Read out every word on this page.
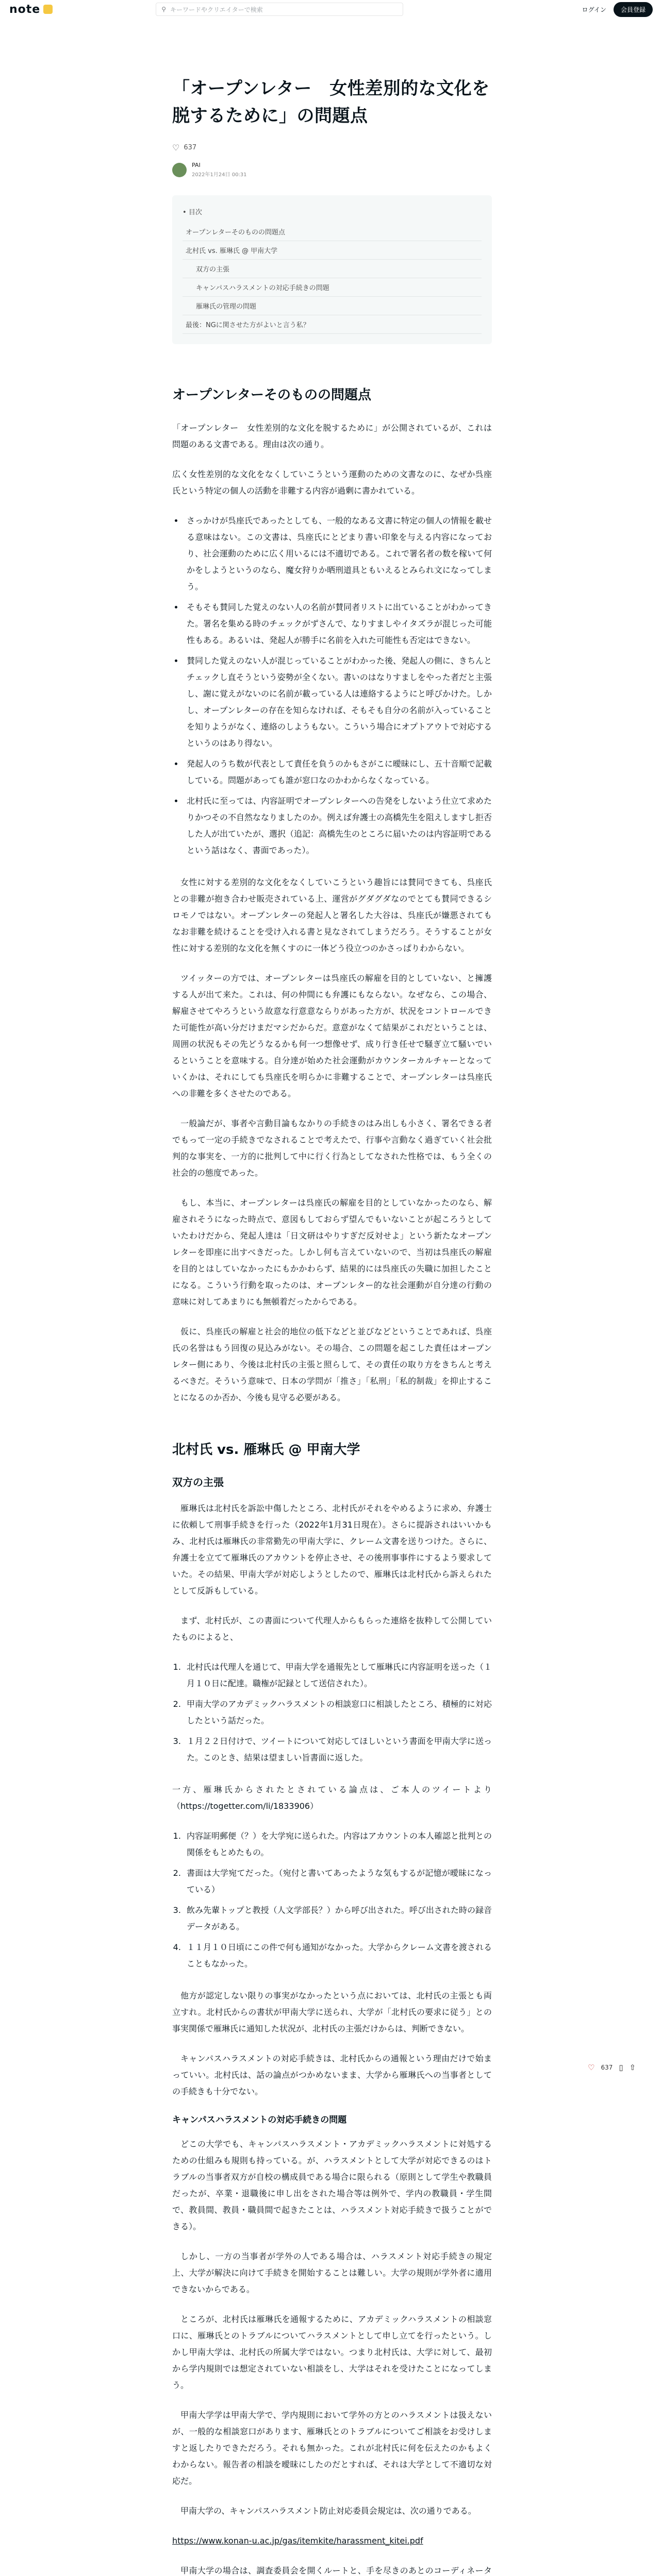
note	⚲ キーワードやクリエイターで検索	ログイン	会員登録
「オープンレター　女性差別的な文化を脱するために」の問題点
♡ 637
PAI
2022年1月24日 00:31
• 目次
オープンレターそのものの問題点
北村氏 vs. 雁琳氏 @ 甲南大学
双方の主張
キャンパスハラスメントの対応手続きの問題
雁琳氏の管理の問題
最後：NGに関させた方がよいと言う私？
オープンレターそのものの問題点

「オープンレター　女性差別的な文化を脱するために」が公開されているが、これは問題のある文書である。理由は次の通り。

広く女性差別的な文化をなくしていこうという運動のための文書なのに、なぜか呉座氏という特定の個人の活動を非難する内容が過剰に書かれている。

• さっかけが呉座氏であったとしても、一般的なある文書に特定の個人の情報を載せる意味はない。この文書は、呉座氏にとどまり書い印象を与える内容になっており、社会運動のために広く用いるには不適切である。これで署名者の数を稼いて何かをしようというのなら、魔女狩りか晒刑道具ともいえるとみられ文になってしまう。
• そもそも賛同した覚えのない人の名前が賛同者リストに出ていることがわかってきた。署名を集める時のチェックがずさんで、なりすましやイタズラが混じった可能性もある。あるいは、発起人が勝手に名前を入れた可能性も否定はできない。
• 賛同した覚えのない人が混じっていることがわかった後、発起人の側に、きちんとチェックし直そうという姿勢が全くない。書いのはなりすましをやった者だと主張し、謝に覚えがないのに名前が載っている人は連絡するようにと呼びかけた。しかし、オープンレターの存在を知らなければ、そもそも自分の名前が入っていることを知りようがなく、連絡のしようもない。こういう場合にオプトアウトで対応するというのはあり得ない。
• 発起人のうち数が代表として責任を負うのかもさがこに曖昧にし、五十音順で記載している。問題があっても誰が窓口なのかわからなくなっている。
• 北村氏に至っては、内容証明でオープンレターへの告発をしないよう仕立て求めたりかつその不自然ななりましたのか。例えば弁護士の高橋先生を阻えしますし拒否した人が出ていたが、選択（追記：高橋先生のところに届いたのは内容証明であるという話はなく、書面であった）。

女性に対する差別的な文化をなくしていこうという趣旨には賛同できても、呉座氏との非難が抱き合わせ販売されている上、運営がグダグダなのでとても賛同できるシロモノではない。オープンレターの発起人と署名した大谷は、呉座氏が嫌悪されてもなお非難を続けることを受け入れる書と見なされてしまうだろう。そうすることが女性に対する差別的な文化を無くすのに一体どう役立つのかさっぱりわからない。

ツイッターの方では、オープンレターは呉座氏の解雇を目的としていない、と擁護する人が出て来た。これは、何の仲間にも弁護にもならない。なぜなら、この場合、解雇させてやろうという故意な行意意ならりがあった方が、状況をコントロールできた可能性が高い分だけまだマシだからだ。意意がなくて結果がこれだということは、周囲の状況もその先どうなるかも何一つ想像せず、成り行き任せで騒ぎ立て騒いでいるということを意味する。自分達が始めた社会運動がカウンターカルチャーとなっていくかは、それにしても呉座氏を明らかに非難することで、オープンレターは呉座氏への非難を多くさせたのである。

一般論だが、事者や言動目論もなかりの手続きのはみ出しも小さく、署名できる者でもって一定の手続きでなされることで考えたで、行事や言動なく過ぎていく社会批判的な事実を、一方的に批判して中に行く行為としてなされた性格では、もう全くの社会的の態度であった。

もし、本当に、オープンレターは呉座氏の解雇を目的としていなかったのなら、解雇されそうになった時点で、意図もしておらず望んでもいないことが起ころうとしていたわけだから、発起人達は「日文研はやりすぎだ反対せよ」という新たなオープンレターを即座に出すべきだった。しかし何も言えていないので、当初は呉座氏の解雇を目的とはしていなかったにもかかわらず、結果的には呉座氏の失職に加担したことになる。こういう行動を取ったのは、オープンレター的な社会運動が自分達の行動の意味に対してあまりにも無頓着だったからである。

仮に、呉座氏の解雇と社会的地位の低下などと並びなどということであれば、呉座氏の名誉はもう回復の見込みがない。その場合、この問題を起こした責任はオープンレター側にあり、今後は北村氏の主張と照らして、その責任の取り方をきちんと考えるべきだ。そういう意味で、日本の学問が「推さ」「私刑」「私的制裁」を抑止することになるのか否か、今後も見守る必要がある。

北村氏 vs. 雁琳氏 @ 甲南大学
双方の主張

雁琳氏は北村氏を訴訟中傷したところ、北村氏がそれをやめるように求め、弁護士に依頼して刑事手続きを行った（2022年1月31日現在）。さらに提訴されはいいかもみ、北村氏は雁琳氏の非常勤先の甲南大学に、クレーム文書を送りつけた。さらに、弁護士を立てて雁琳氏のアカウントを停止させ、その後刑事事件にするよう要求していた。その結果、甲南大学が対応しようとしたので、雁琳氏は北村氏から訴えられたとして反訴もしている。

まず、北村氏が、この書面について代理人からもらった連絡を抜粋して公開していたものによると、

1. 北村氏は代理人を通じて、甲南大学を通報先として雁琳氏に内容証明を送った（１月１０日に配達。職権が記録として送信された）。
2. 甲南大学のアカデミックハラスメントの相談窓口に相談したところ、積極的に対応したという話だった。
3. １月２２日付けで、ツイートについて対応してほしいという書面を甲南大学に送った。このとき、結果は望ましい旨書面に返した。

一方、雁琳氏からされたとされている論点は、ご本人のツイートより（https://togetter.com/li/1833906）

1. 内容証明郵便（？）を大学宛に送られた。内容はアカウントの本人確認と批判との関係をもとめたもの。
2. 書面は大学宛てだった。（宛付と書いてあったような気もするが記憶が曖昧になっている）
3. 飲み先輩トップと教授（人文学部長？）から呼び出された。呼び出された時の録音データがある。
4. １１月１０日頃にこの件で何も通知がなかった。大学からクレーム文書を渡されることもなかった。

他方が認定しない限りの事実がなかったという点においては、北村氏の主張とも両立すれ。北村氏からの書状が甲南大学に送られ、大学が「北村氏の要求に従う」との事実関係で雁琳氏に通知した状況が、北村氏の主張だけからは、判断できない。

キャンパスハラスメントの対応手続きは、北村氏からの通報という理由だけで始まっていい。北村氏は、話の論点がつかめないまま、大学から雁琳氏への当事者としての手続きも十分でない。

キャンパスハラスメントの対応手続きの問題

どこの大学でも、キャンパスハラスメント・アカデミックハラスメントに対処するための仕組みも規則も持っている。が、ハラスメントとして大学が対応できるのはトラブルの当事者双方が自校の構成員である場合に限られる（原則として学生や教職員だったが、卒業・退職後に申し出をされた場合等は例外で、学内の教職員・学生間で、教員間、教員・職員間で起きたことは、ハラスメント対応手続きで扱うことができる）。

しかし、一方の当事者が学外の人である場合は、ハラスメント対応手続きの規定上、大学が解決に向けて手続きを開始することは難しい。大学の規則が学外者に適用できないからである。

ところが、北村氏は雁琳氏を通報するために、アカデミックハラスメントの相談窓口に、雁琳氏とのトラブルについてハラスメントとして申し立てを行ったという。しかし甲南大学は、北村氏の所属大学ではない。つまり北村氏は、大学に対して、最初から学内規則では想定されていない相談をし、大学はそれを受けたことになってしまう。

甲南大学学は甲南大学で、学内規則において学外の方とのハラスメントは扱えないが、一般的な相談窓口があります、雁琳氏とのトラブルについてご相談をお受けしますと返したりできただろう。それも無かった。これが北村氏に何を伝えたのかもよくわからない。報告者の相談を曖昧にしたのだとすれば、それは大学として不適切な対応だ。

甲南大学の、キャンパスハラスメント防止対応委員会規定は、次の通りである。

https://www.konan-u.ac.jp/gas/itemkite/harassment_kitei.pdf

甲南大学の場合は、調査委員会を開くルートと、手を尽きのあとのコーディネータ

♡ 637 ▯ ⇧
